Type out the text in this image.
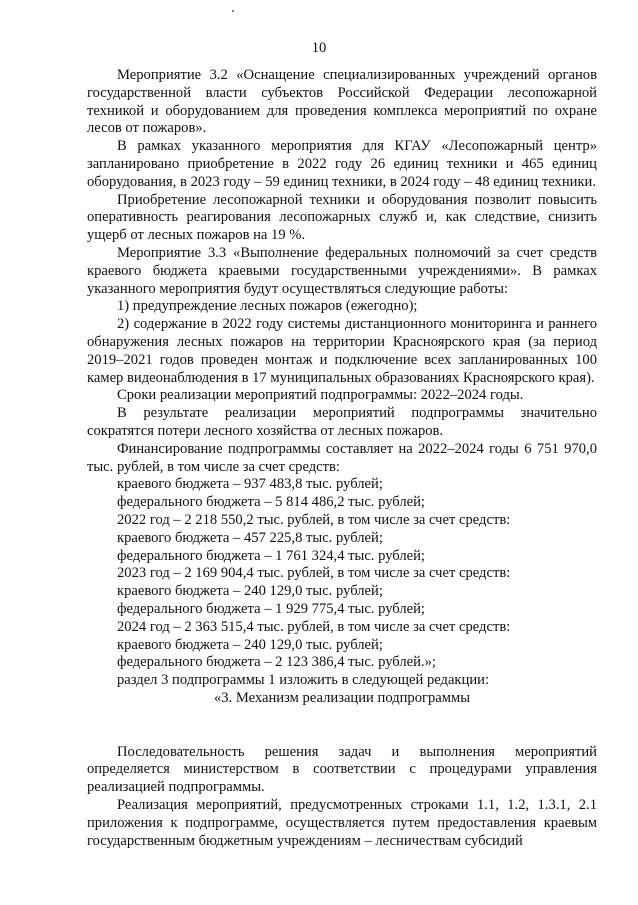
10

Мероприятие 3.2 «Оснащение специализированных учреждений органов государственной власти субъектов Российской Федерации лесопожарной техникой и оборудованием для проведения комплекса мероприятий по охране лесов от пожаров».

В рамках указанного мероприятия для КГАУ «Лесопожарный центр» запланировано приобретение в 2022 году 26 единиц техники и 465 единиц оборудования, в 2023 году – 59 единиц техники, в 2024 году – 48 единиц техники.

Приобретение лесопожарной техники и оборудования позволит повысить оперативность реагирования лесопожарных служб и, как следствие, снизить ущерб от лесных пожаров на 19 %.

Мероприятие 3.3 «Выполнение федеральных полномочий за счет средств краевого бюджета краевыми государственными учреждениями». В рамках указанного мероприятия будут осуществляться следующие работы:

1) предупреждение лесных пожаров (ежегодно);

2) содержание в 2022 году системы дистанционного мониторинга и раннего обнаружения лесных пожаров на территории Красноярского края (за период 2019–2021 годов проведен монтаж и подключение всех запланированных 100 камер видеонаблюдения в 17 муниципальных образованиях Красноярского края).

Сроки реализации мероприятий подпрограммы: 2022–2024 годы.

В результате реализации мероприятий подпрограммы значительно сократятся потери лесного хозяйства от лесных пожаров.

Финансирование подпрограммы составляет на 2022–2024 годы 6 751 970,0 тыс. рублей, в том числе за счет средств:

краевого бюджета – 937 483,8 тыс. рублей;

федерального бюджета – 5 814 486,2 тыс. рублей;

2022 год – 2 218 550,2 тыс. рублей, в том числе за счет средств:

краевого бюджета – 457 225,8 тыс. рублей;

федерального бюджета – 1 761 324,4 тыс. рублей;

2023 год – 2 169 904,4 тыс. рублей, в том числе за счет средств:

краевого бюджета – 240 129,0 тыс. рублей;

федерального бюджета – 1 929 775,4 тыс. рублей;

2024 год – 2 363 515,4 тыс. рублей, в том числе за счет средств:

краевого бюджета – 240 129,0 тыс. рублей;

федерального бюджета – 2 123 386,4 тыс. рублей.»;

раздел 3 подпрограммы 1 изложить в следующей редакции:

«3. Механизм реализации подпрограммы

Последовательность решения задач и выполнения мероприятий определяется министерством в соответствии с процедурами управления реализацией подпрограммы.

Реализация мероприятий, предусмотренных строками 1.1, 1.2, 1.3.1, 2.1 приложения к подпрограмме, осуществляется путем предоставления краевым государственным бюджетным учреждениям – лесничествам субсидий
